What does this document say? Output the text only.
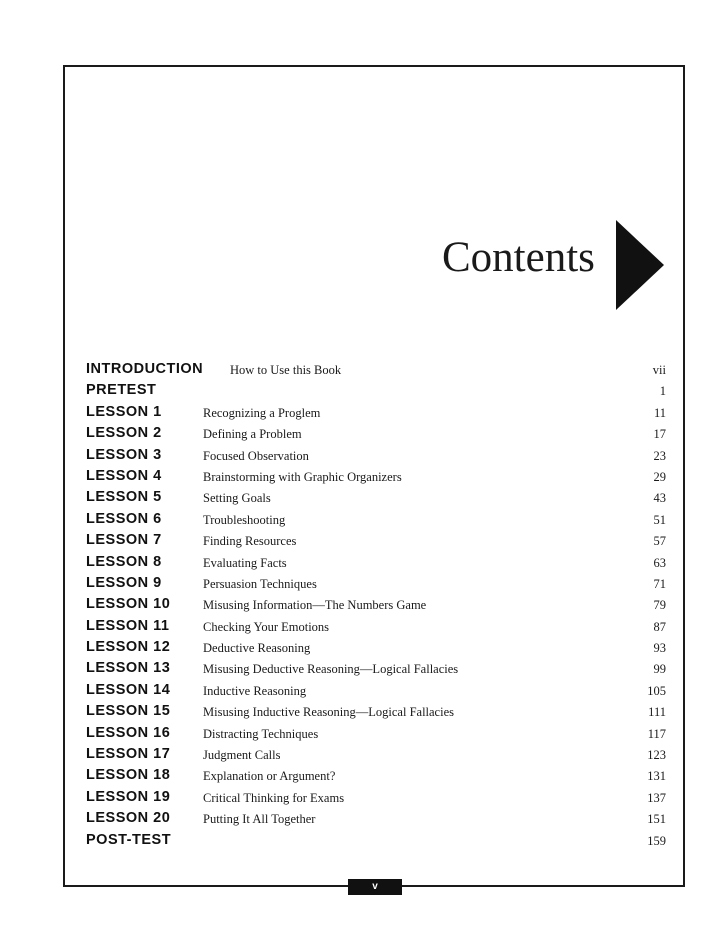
Contents
INTRODUCTION How to Use this Book	vii
PRETEST	1
LESSON 1	Recognizing a Proglem	11
LESSON 2	Defining a Problem	17
LESSON 3	Focused Observation	23
LESSON 4	Brainstorming with Graphic Organizers	29
LESSON 5	Setting Goals	43
LESSON 6	Troubleshooting	51
LESSON 7	Finding Resources	57
LESSON 8	Evaluating Facts	63
LESSON 9	Persuasion Techniques	71
LESSON 10	Misusing Information—The Numbers Game	79
LESSON 11	Checking Your Emotions	87
LESSON 12	Deductive Reasoning	93
LESSON 13	Misusing Deductive Reasoning—Logical Fallacies	99
LESSON 14	Inductive Reasoning	105
LESSON 15	Misusing Inductive Reasoning—Logical Fallacies	111
LESSON 16	Distracting Techniques	117
LESSON 17	Judgment Calls	123
LESSON 18	Explanation or Argument?	131
LESSON 19	Critical Thinking for Exams	137
LESSON 20	Putting It All Together	151
POST-TEST	159
v
